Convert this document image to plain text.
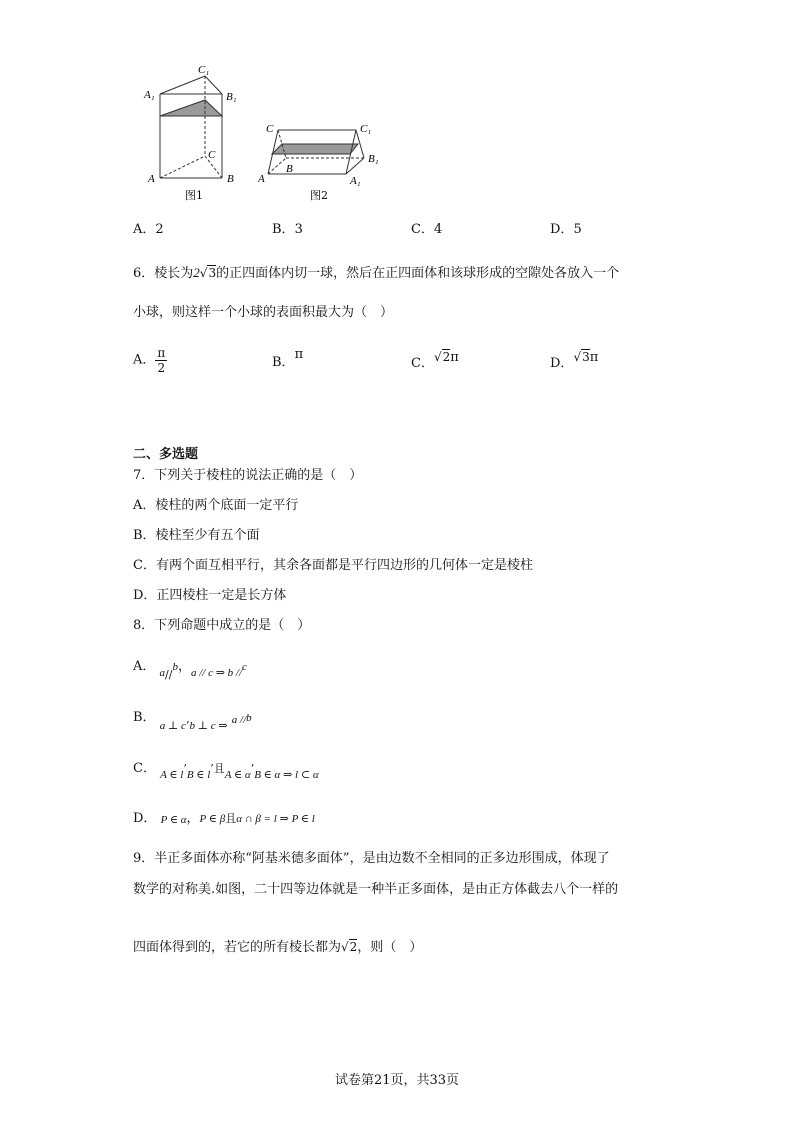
A₁	B₁
C₁
A	B
C
图1
C	C₁
B₁
A
B
A₁
图2
A．2	B．3	C．4	D．5
6．棱长为2√3的正四面体内切一球，然后在正四面体和该球形成的空隙处各放入一个
小球，则这样一个小球的表面积最大为（　）
A． $\frac{\pi}{2}$	B．π
C．√2π	D．√3π
二、多选题
7．下列关于棱柱的说法正确的是（　）
A．棱柱的两个底面一定平行
B．棱柱至少有五个面
C．有两个面互相平行，其余各面都是平行四边形的几何体一定是棱柱
D．正四棱柱一定是长方体
8．下列命题中成立的是（　）
A． $_{a//}$b，$_{a // c \Rightarrow b //}$c
B． $_{a \perp c’b \perp c \Rightarrow}$ a //b
C． $_{A \in l}’_{B \in l}$’且$_{A \in \alpha}’_{B \in \alpha \Rightarrow l \subset \alpha}$
D． P ∈ α，P ∈ β且α ∩ β = l ⇒ P ∈ l
9．半正多面体亦称“阿基米德多面体”，是由边数不全相同的正多边形围成，体现了
数学的对称美.如图，二十四等边体就是一种半正多面体，是由正方体截去八个一样的
四面体得到的，若它的所有棱长都为√2，则（　）
试卷第21页，共33页
